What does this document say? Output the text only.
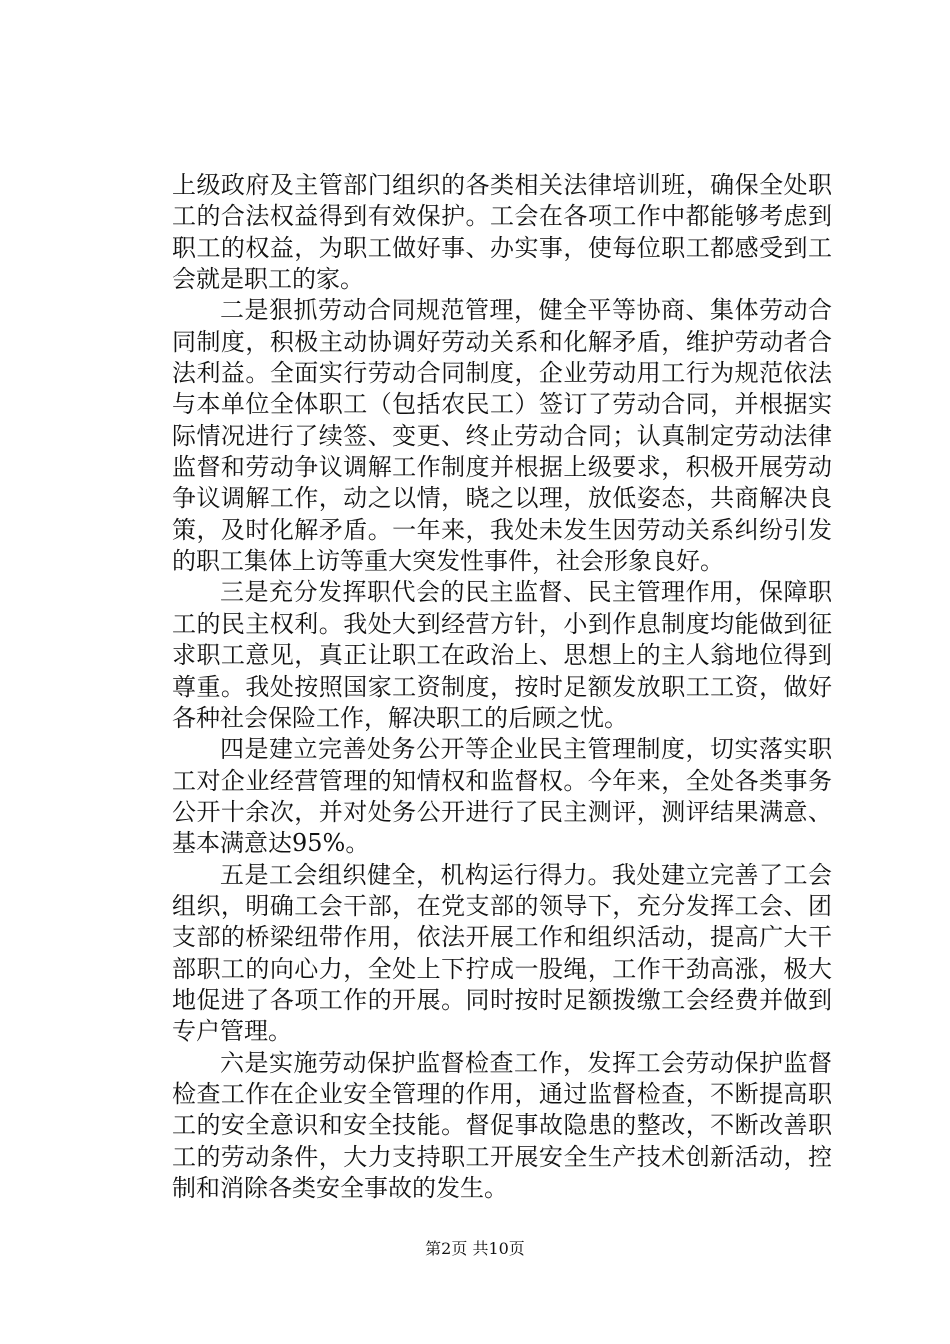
上级政府及主管部门组织的各类相关法律培训班，确保全处职
工的合法权益得到有效保护。工会在各项工作中都能够考虑到
职工的权益，为职工做好事、办实事，使每位职工都感受到工
会就是职工的家。
二是狠抓劳动合同规范管理，健全平等协商、集体劳动合
同制度，积极主动协调好劳动关系和化解矛盾，维护劳动者合
法利益。全面实行劳动合同制度，企业劳动用工行为规范依法
与本单位全体职工（包括农民工）签订了劳动合同，并根据实
际情况进行了续签、变更、终止劳动合同；认真制定劳动法律
监督和劳动争议调解工作制度并根据上级要求，积极开展劳动
争议调解工作，动之以情，晓之以理，放低姿态，共商解决良
策，及时化解矛盾。一年来，我处未发生因劳动关系纠纷引发
的职工集体上访等重大突发性事件，社会形象良好。
三是充分发挥职代会的民主监督、民主管理作用，保障职
工的民主权利。我处大到经营方针，小到作息制度均能做到征
求职工意见，真正让职工在政治上、思想上的主人翁地位得到
尊重。我处按照国家工资制度，按时足额发放职工工资，做好
各种社会保险工作，解决职工的后顾之忧。
四是建立完善处务公开等企业民主管理制度，切实落实职
工对企业经营管理的知情权和监督权。今年来，全处各类事务
公开十余次，并对处务公开进行了民主测评，测评结果满意、
基本满意达95%。
五是工会组织健全，机构运行得力。我处建立完善了工会
组织，明确工会干部，在党支部的领导下，充分发挥工会、团
支部的桥梁纽带作用，依法开展工作和组织活动，提高广大干
部职工的向心力，全处上下拧成一股绳，工作干劲高涨，极大
地促进了各项工作的开展。同时按时足额拨缴工会经费并做到
专户管理。
六是实施劳动保护监督检查工作，发挥工会劳动保护监督
检查工作在企业安全管理的作用，通过监督检查，不断提高职
工的安全意识和安全技能。督促事故隐患的整改，不断改善职
工的劳动条件，大力支持职工开展安全生产技术创新活动，控
制和消除各类安全事故的发生。
第2页 共10页
